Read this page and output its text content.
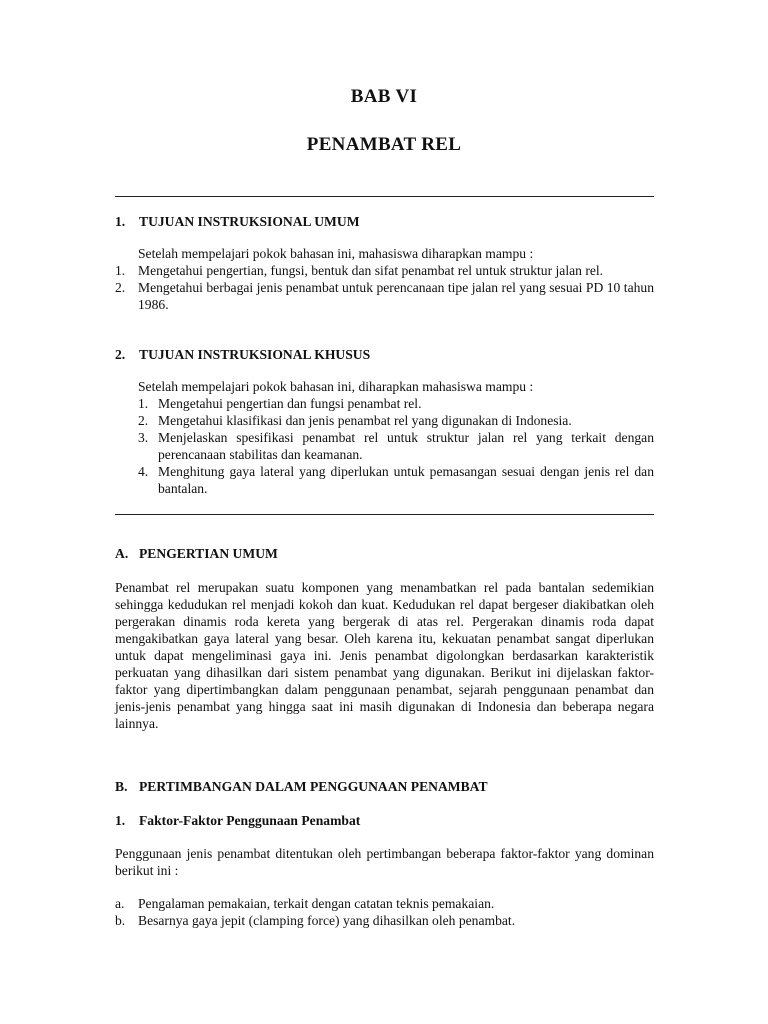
BAB VI
PENAMBAT REL
1. TUJUAN INSTRUKSIONAL UMUM
Setelah mempelajari pokok bahasan ini, mahasiswa diharapkan mampu :
1. Mengetahui pengertian, fungsi, bentuk dan sifat penambat rel untuk struktur jalan rel.
2. Mengetahui berbagai jenis penambat untuk perencanaan tipe jalan rel yang sesuai PD 10 tahun 1986.
2. TUJUAN INSTRUKSIONAL KHUSUS
Setelah mempelajari pokok bahasan ini, diharapkan mahasiswa mampu :
1. Mengetahui pengertian dan fungsi penambat rel.
2. Mengetahui klasifikasi dan jenis penambat rel yang digunakan di Indonesia.
3. Menjelaskan spesifikasi penambat rel untuk struktur jalan rel yang terkait dengan perencanaan stabilitas dan keamanan.
4. Menghitung gaya lateral yang diperlukan untuk pemasangan sesuai dengan jenis rel dan bantalan.
A. PENGERTIAN UMUM
Penambat rel merupakan suatu komponen yang menambatkan rel pada bantalan sedemikian sehingga kedudukan rel menjadi kokoh dan kuat. Kedudukan rel dapat bergeser diakibatkan oleh pergerakan dinamis roda kereta yang bergerak di atas rel. Pergerakan dinamis roda dapat mengakibatkan gaya lateral yang besar. Oleh karena itu, kekuatan penambat sangat diperlukan untuk dapat mengeliminasi gaya ini. Jenis penambat digolongkan berdasarkan karakteristik perkuatan yang dihasilkan dari sistem penambat yang digunakan. Berikut ini dijelaskan faktor-faktor yang dipertimbangkan dalam penggunaan penambat, sejarah penggunaan penambat dan jenis-jenis penambat yang hingga saat ini masih digunakan di Indonesia dan beberapa negara lainnya.
B. PERTIMBANGAN DALAM PENGGUNAAN PENAMBAT
1. Faktor-Faktor Penggunaan Penambat
Penggunaan jenis penambat ditentukan oleh pertimbangan beberapa faktor-faktor yang dominan berikut ini :
a. Pengalaman pemakaian, terkait dengan catatan teknis pemakaian.
b. Besarnya gaya jepit (clamping force) yang dihasilkan oleh penambat.
